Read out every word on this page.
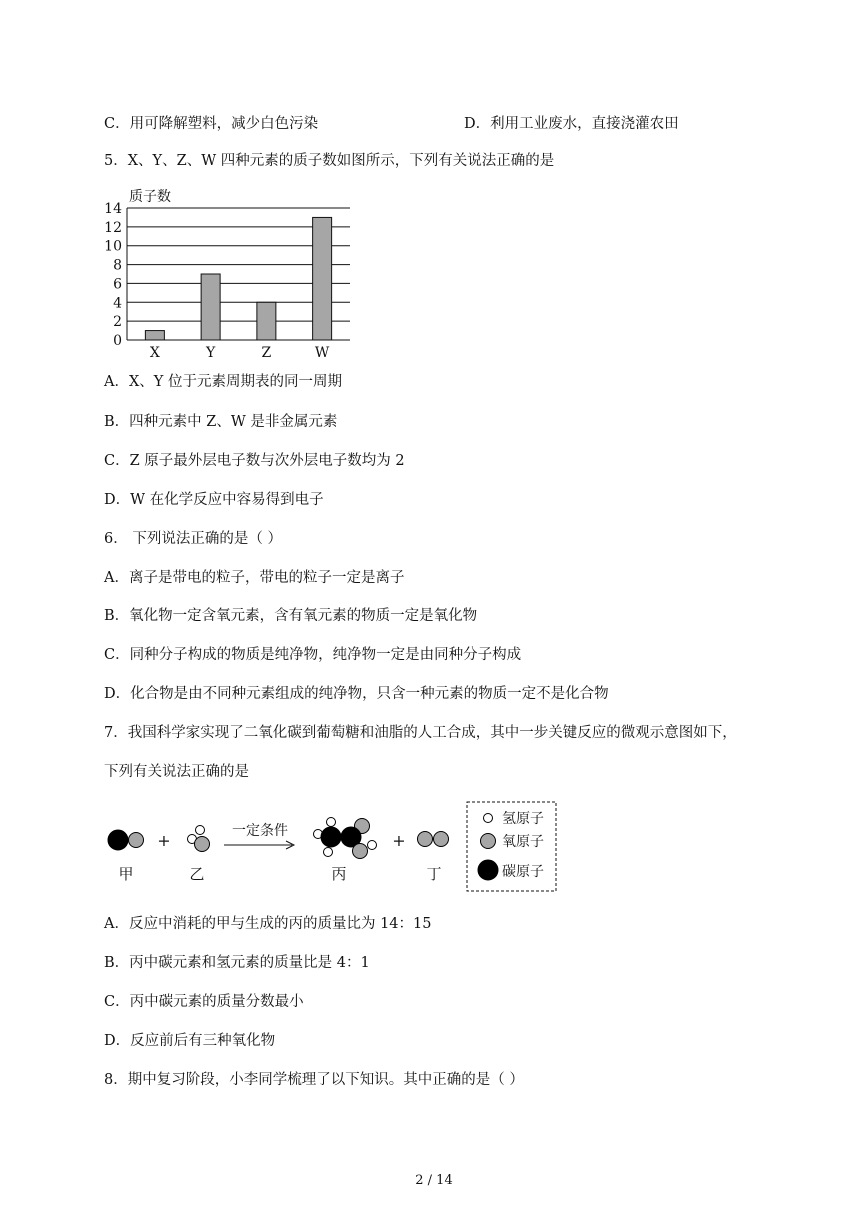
C．用可降解塑料，减少白色污染	D．利用工业废水，直接浇灌农田
5．X、Y、Z、W 四种元素的质子数如图所示，下列有关说法正确的是
质子数
0
2
4
6
8
10
12
14
X	Y	Z	W
A．X、Y 位于元素周期表的同一周期
B．四种元素中 Z、W 是非金属元素
C．Z 原子最外层电子数与次外层电子数均为 2
D．W 在化学反应中容易得到电子
6． 下列说法正确的是（ ）
A．离子是带电的粒子，带电的粒子一定是离子
B．氧化物一定含氧元素，含有氧元素的物质一定是氧化物
C．同种分子构成的物质是纯净物，纯净物一定是由同种分子构成
D．化合物是由不同种元素组成的纯净物，只含一种元素的物质一定不是化合物
7．我国科学家实现了二氧化碳到葡萄糖和油脂的人工合成，其中一步关键反应的微观示意图如下，
下列有关说法正确的是
甲
+
乙
一定条件
丙
+
丁
氢原子
氧原子
碳原子
A．反应中消耗的甲与生成的丙的质量比为 14：15
B．丙中碳元素和氢元素的质量比是 4：1
C．丙中碳元素的质量分数最小
D．反应前后有三种氧化物
8．期中复习阶段，小李同学梳理了以下知识。其中正确的是（ ）
2 / 14
